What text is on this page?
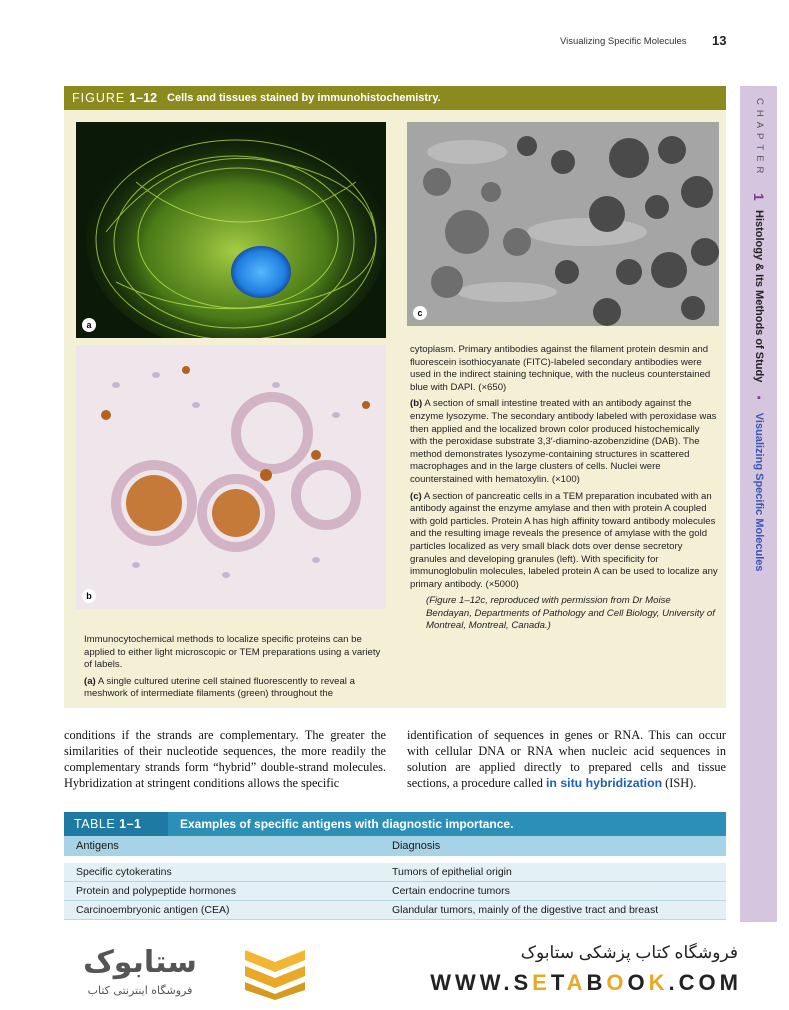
Visualizing Specific Molecules 13
CHAPTER 1 Histology & Its Methods of Study ▪ Visualizing Specific Molecules
FIGURE 1–12 Cells and tissues stained by immunohistochemistry.
a
c
b

cytoplasm. Primary antibodies against the filament protein desmin and fluorescein isothiocyanate (FITC)-labeled secondary antibodies were used in the indirect staining technique, with the nucleus counterstained blue with DAPI. (×650)

(b) A section of small intestine treated with an antibody against the enzyme lysozyme. The secondary antibody labeled with peroxidase was then applied and the localized brown color produced histochemically with the peroxidase substrate 3,3′-diamino-azobenzidine (DAB). The method demonstrates lysozyme-containing structures in scattered macrophages and in the large clusters of cells. Nuclei were counterstained with hematoxylin. (×100)

(c) A section of pancreatic cells in a TEM preparation incubated with an antibody against the enzyme amylase and then with protein A coupled with gold particles. Protein A has high affinity toward antibody molecules and the resulting image reveals the presence of amylase with the gold particles localized as very small black dots over dense secretory granules and developing granules (left). With specificity for immunoglobulin molecules, labeled protein A can be used to localize any primary antibody. (×5000)

(Figure 1–12c, reproduced with permission from Dr Moise Bendayan, Departments of Pathology and Cell Biology, University of Montreal, Montreal, Canada.)

Immunocytochemical methods to localize specific proteins can be applied to either light microscopic or TEM preparations using a variety of labels.

(a) A single cultured uterine cell stained fluorescently to reveal a meshwork of intermediate filaments (green) throughout the

conditions if the strands are complementary. The greater the similarities of their nucleotide sequences, the more readily the complementary strands form “hybrid” double-strand molecules. Hybridization at stringent conditions allows the specific
identification of sequences in genes or RNA. This can occur with cellular DNA or RNA when nucleic acid sequences in solution are applied directly to prepared cells and tissue sections, a procedure called in situ hybridization (ISH).
TABLE 1–1	Examples of specific antigens with diagnostic importance.
Antigens	Diagnosis
Specific cytokeratins	Tumors of epithelial origin
Protein and polypeptide hormones	Certain endocrine tumors
Carcinoembryonic antigen (CEA)	Glandular tumors, mainly of the digestive tract and breast
ستابوک
فروشگاه اینترنتی کتاب
فروشگاه کتاب پزشکی ستابوک
WWW.SETABOOK.COM
